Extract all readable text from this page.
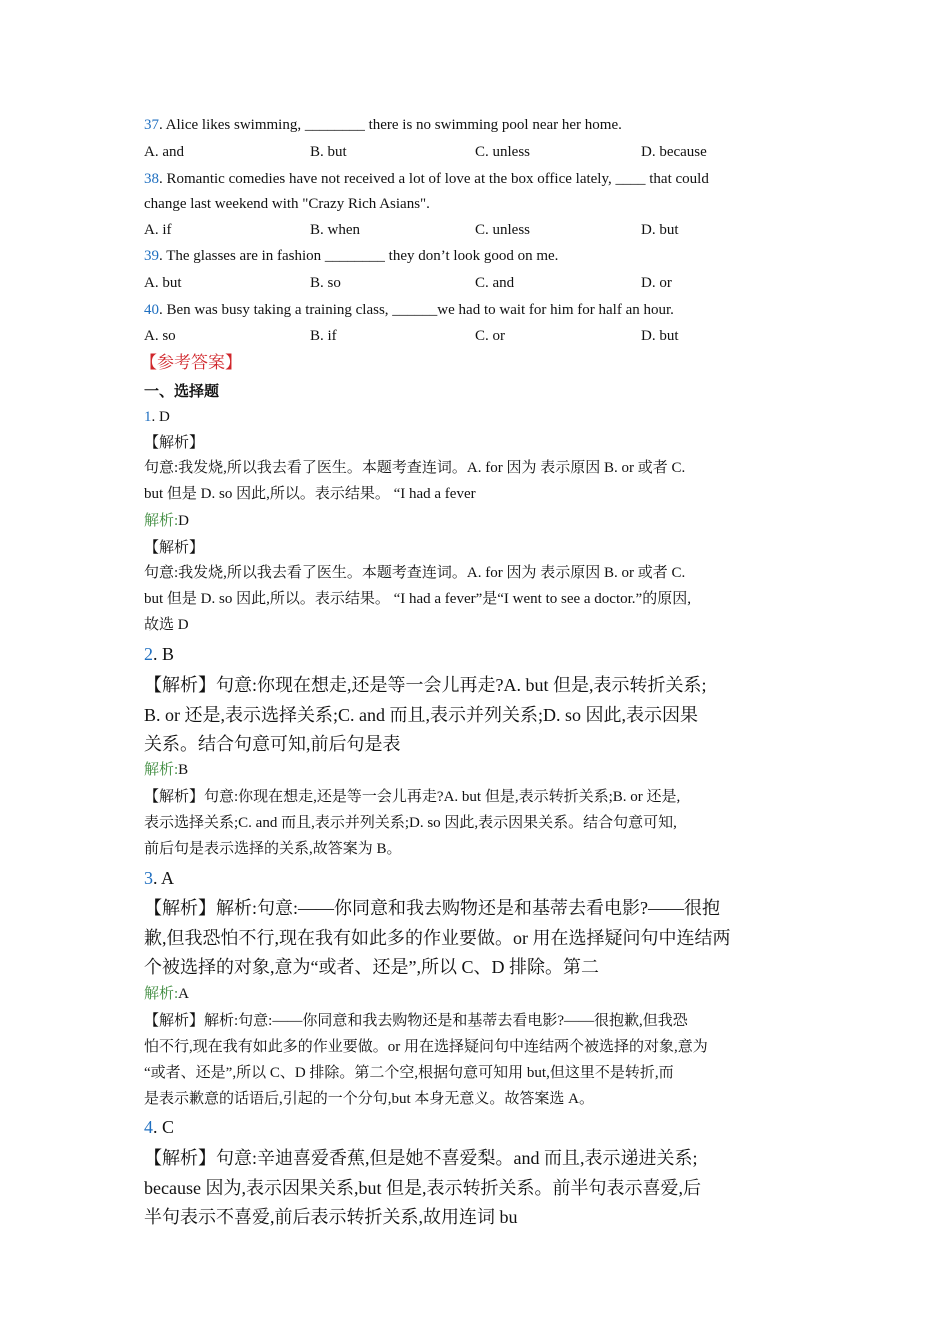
37. Alice likes swimming, ________ there is no swimming pool near her home.
A. and	B. but	C. unless	D. because
38. Romantic comedies have not received a lot of love at the box office lately, ____ that could
change last weekend with "Crazy Rich Asians".
A. if	B. when	C. unless	D. but
39. The glasses are in fashion ________ they don’t look good on me.
A. but	B. so	C. and	D. or
40. Ben was busy taking a training class, ______we had to wait for him for half an hour.
A. so	B. if	C. or	D. but
【参考答案】
一、选择题
1. D
【解析】
句意:我发烧,所以我去看了医生。本题考查连词。A. for 因为 表示原因 B. or 或者 C.
but 但是 D. so 因此,所以。表示结果。 “I had a fever
解析:D
【解析】
句意:我发烧,所以我去看了医生。本题考查连词。A. for 因为 表示原因 B. or 或者 C.
but 但是 D. so 因此,所以。表示结果。 “I had a fever”是“I went to see a doctor.”的原因,
故选 D
2. B
【解析】句意:你现在想走,还是等一会儿再走?A. but 但是,表示转折关系;
B. or 还是,表示选择关系;C. and 而且,表示并列关系;D. so 因此,表示因果
关系。结合句意可知,前后句是表
解析:B
【解析】句意:你现在想走,还是等一会儿再走?A. but 但是,表示转折关系;B. or 还是,
表示选择关系;C. and 而且,表示并列关系;D. so 因此,表示因果关系。结合句意可知,
前后句是表示选择的关系,故答案为 B。
3. A
【解析】解析:句意:——你同意和我去购物还是和基蒂去看电影?——很抱
歉,但我恐怕不行,现在我有如此多的作业要做。or 用在选择疑问句中连结两
个被选择的对象,意为“或者、还是”,所以 C、D 排除。第二
解析:A
【解析】解析:句意:——你同意和我去购物还是和基蒂去看电影?——很抱歉,但我恐
怕不行,现在我有如此多的作业要做。or 用在选择疑问句中连结两个被选择的对象,意为
“或者、还是”,所以 C、D 排除。第二个空,根据句意可知用 but,但这里不是转折,而
是表示歉意的话语后,引起的一个分句,but 本身无意义。故答案选 A。
4. C
【解析】句意:辛迪喜爱香蕉,但是她不喜爱梨。and 而且,表示递进关系;
because 因为,表示因果关系,but 但是,表示转折关系。前半句表示喜爱,后
半句表示不喜爱,前后表示转折关系,故用连词 bu
